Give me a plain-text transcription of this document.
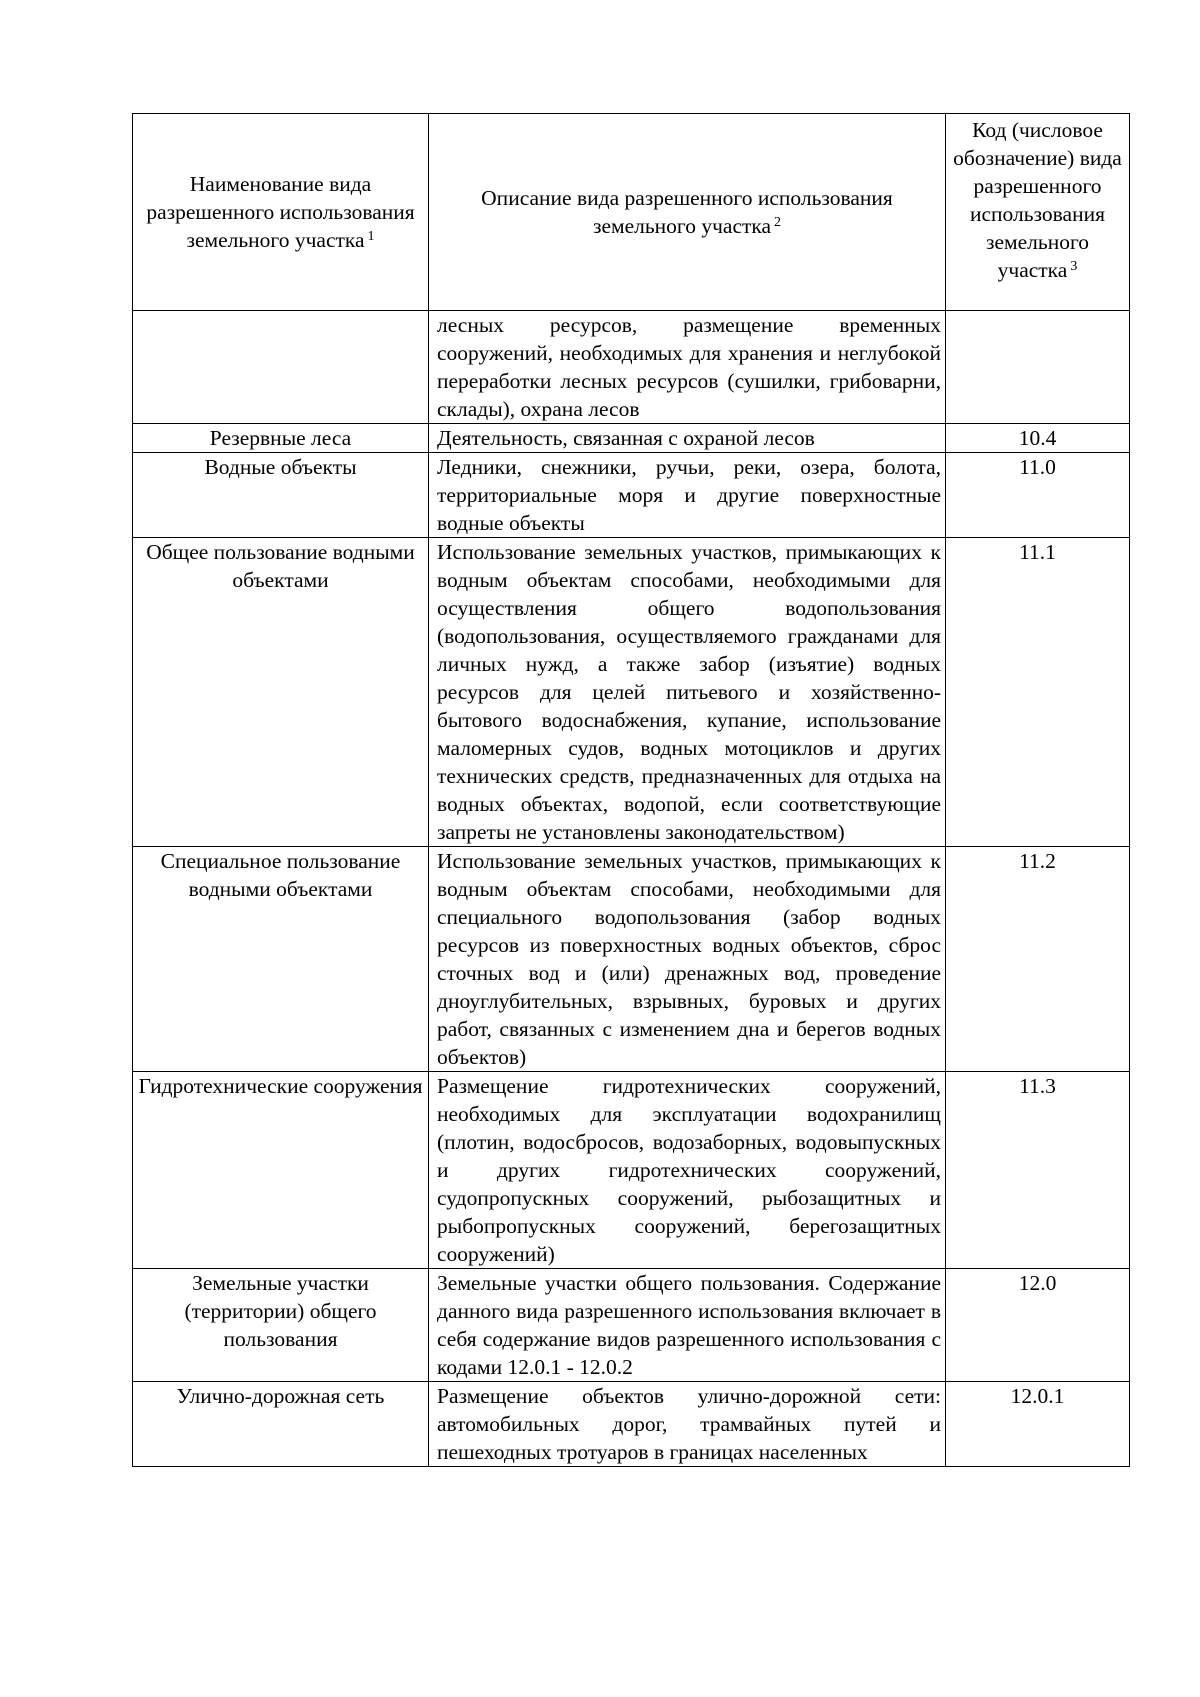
Наименование вида разрешенного использования земельного участка $^1$	Описание вида разрешенного использования земельного участка $^2$	Код (числовое обозначение) вида разрешенного использования земельного участка $^3$
	лесных ресурсов, размещение временных сооружений, необходимых для хранения и неглубокой переработки лесных ресурсов (сушилки, грибоварни, склады), охрана лесов	
Резервные леса	Деятельность, связанная с охраной лесов	10.4
Водные объекты	Ледники, снежники, ручьи, реки, озера, болота, территориальные моря и другие поверхностные водные объекты	11.0
Общее пользование водными объектами	Использование земельных участков, примыкающих к водным объектам способами, необходимыми для осуществления общего водопользования (водопользования, осуществляемого гражданами для личных нужд, а также забор (изъятие) водных ресурсов для целей питьевого и хозяйственно-бытового водоснабжения, купание, использование маломерных судов, водных мотоциклов и других технических средств, предназначенных для отдыха на водных объектах, водопой, если соответствующие запреты не установлены законодательством)	11.1
Специальное пользование водными объектами	Использование земельных участков, примыкающих к водным объектам способами, необходимыми для специального водопользования (забор водных ресурсов из поверхностных водных объектов, сброс сточных вод и (или) дренажных вод, проведение дноуглубительных, взрывных, буровых и других работ, связанных с изменением дна и берегов водных объектов)	11.2
Гидротехнические сооружения	Размещение гидротехнических сооружений, необходимых для эксплуатации водохранилищ (плотин, водосбросов, водозаборных, водовыпускных и других гидротехнических сооружений, судопропускных сооружений, рыбозащитных и рыбопропускных сооружений, берегозащитных сооружений)	11.3
Земельные участки (территории) общего пользования	Земельные участки общего пользования. Содержание данного вида разрешенного использования включает в себя содержание видов разрешенного использования с кодами 12.0.1 - 12.0.2	12.0
Улично-дорожная сеть	Размещение объектов улично-дорожной сети: автомобильных дорог, трамвайных путей и пешеходных тротуаров в границах населенных	12.0.1
